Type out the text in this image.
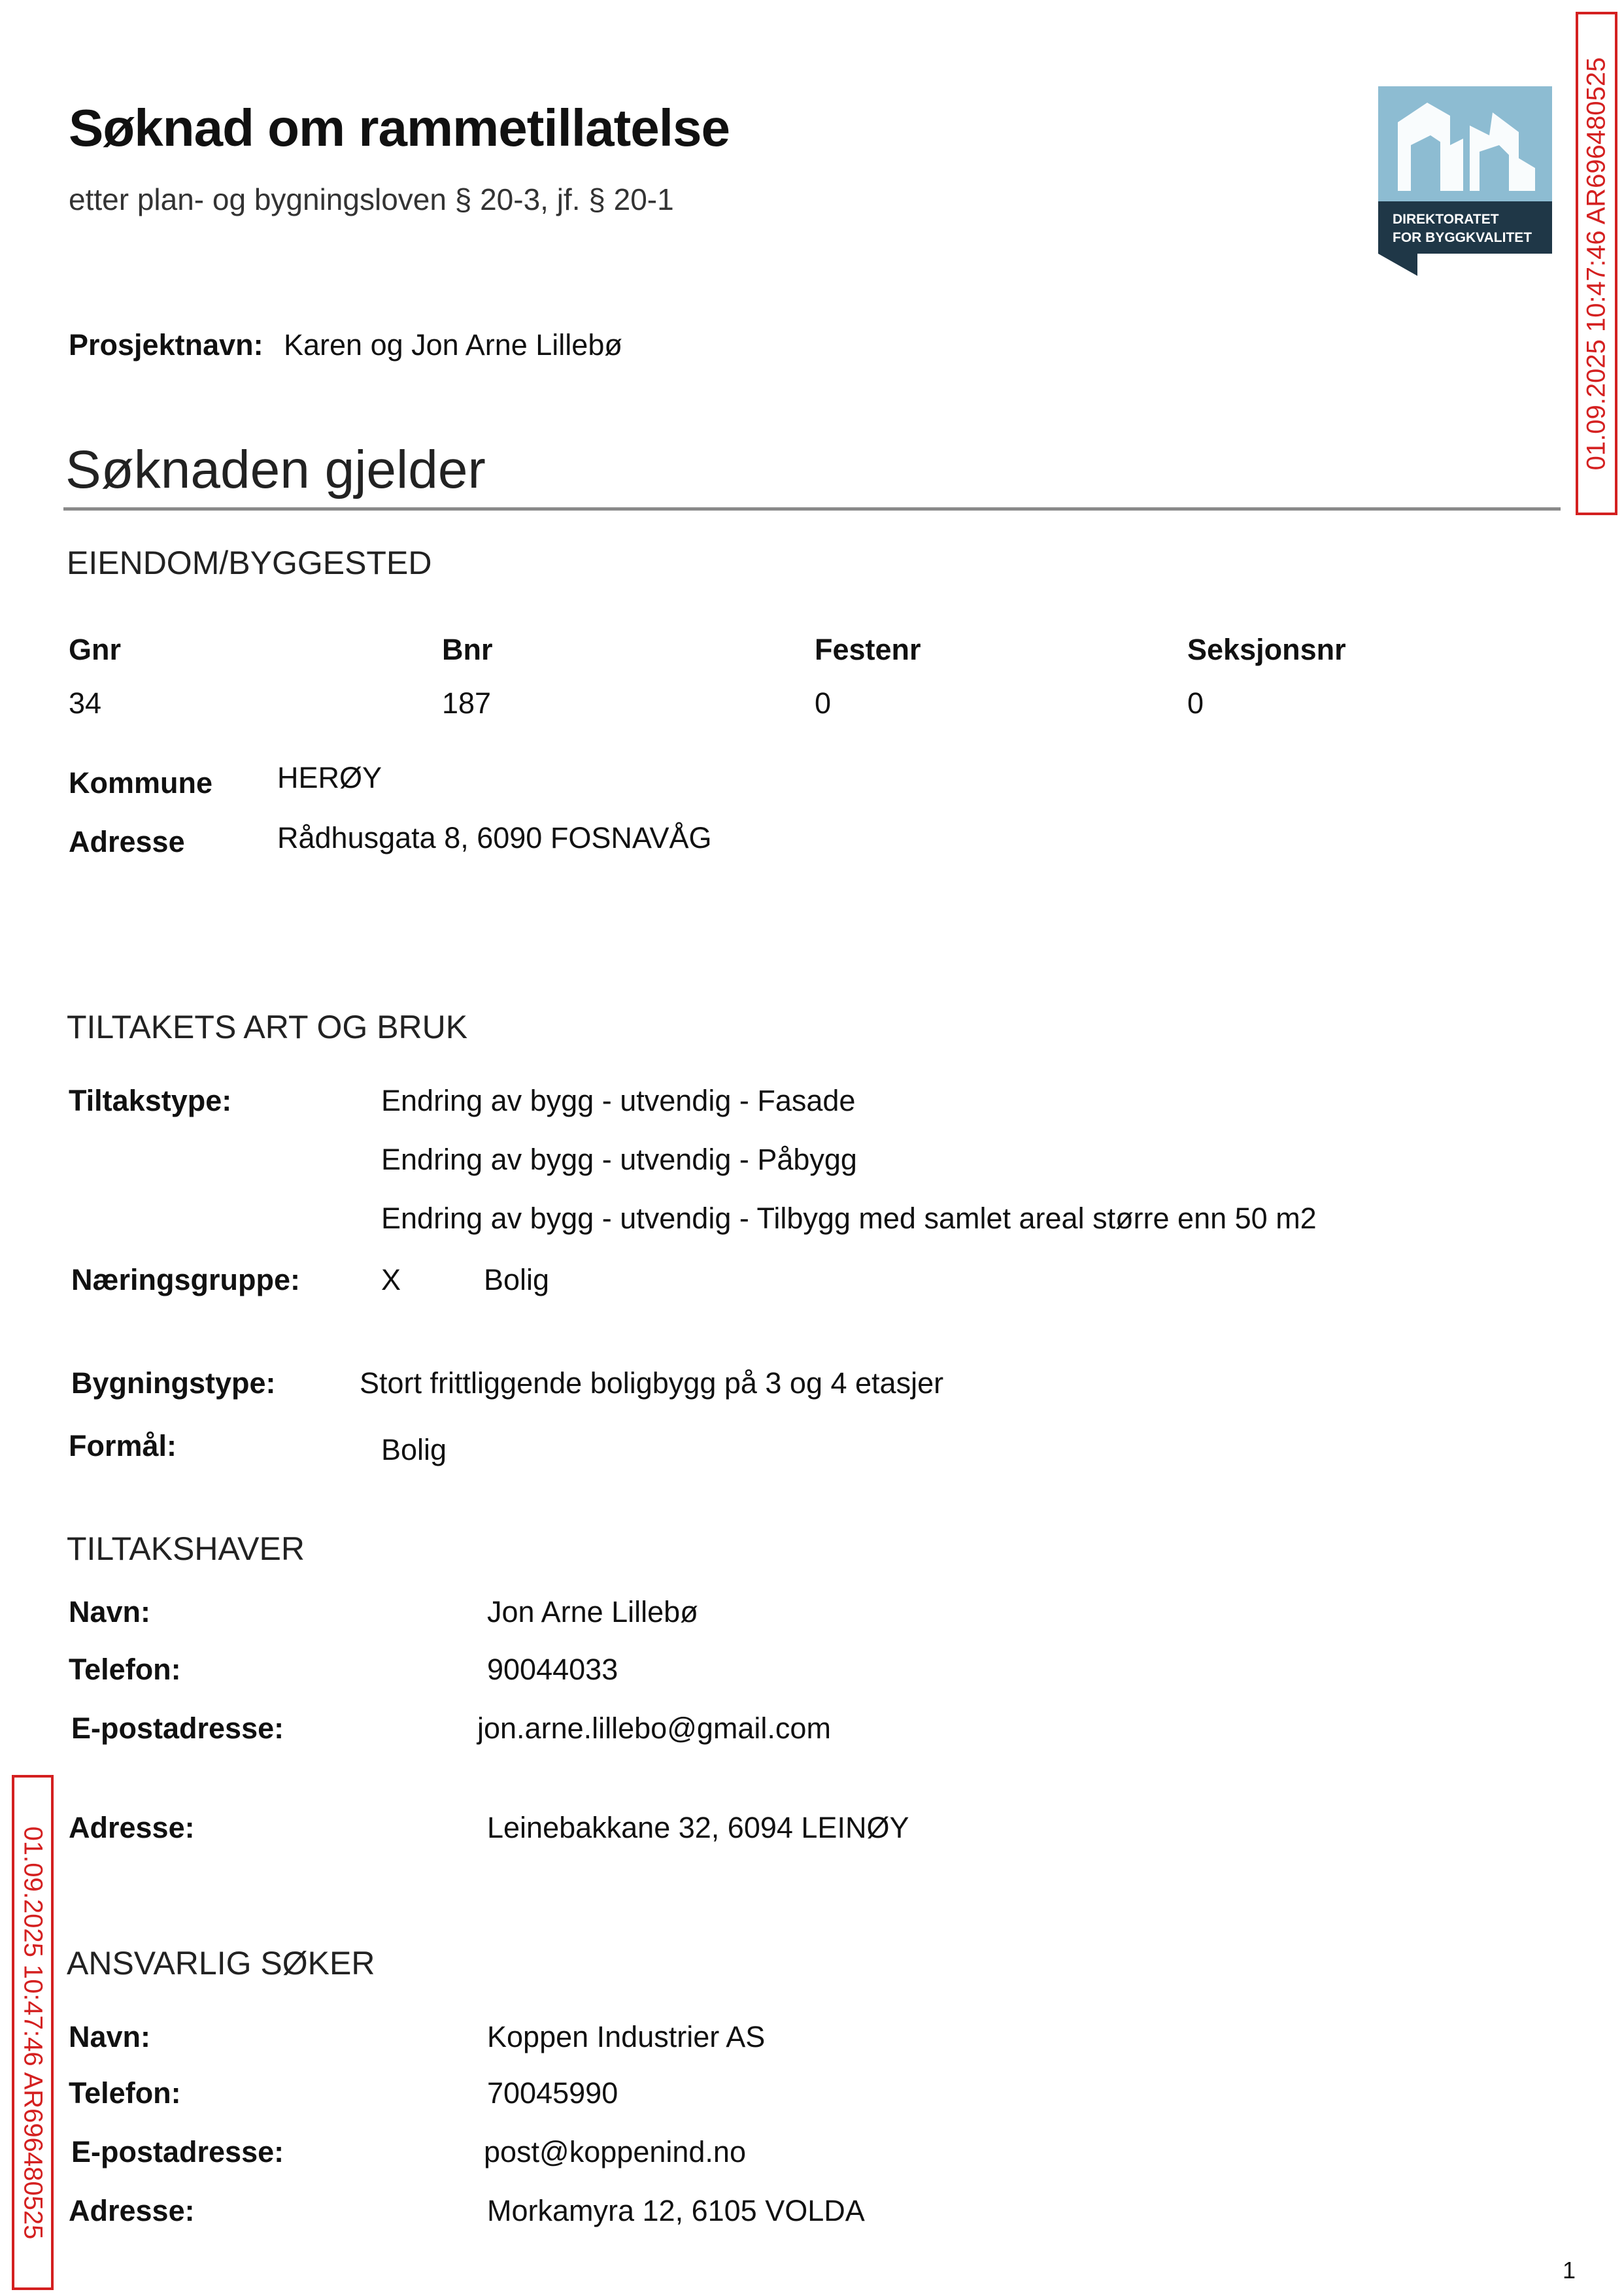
Søknad om rammetillatelse
etter plan- og bygningsloven § 20-3, jf. § 20-1
DIREKTORATET
FOR BYGGKVALITET 01.09.2025 10:47:46 AR696480525
01.09.2025 10:47:46 AR696480525
Prosjektnavn: Karen og Jon Arne Lillebø
Søknaden gjelder
EIENDOM/BYGGESTED
Gnr	Bnr	Festenr	Seksjonsnr
34	187	0	0
Kommune HERØY
Adresse	Rådhusgata 8, 6090 FOSNAVÅG
TILTAKETS ART OG BRUK
Tiltakstype:	Endring av bygg - utvendig - Fasade
Endring av bygg - utvendig - Påbygg
Endring av bygg - utvendig - Tilbygg med samlet areal større enn 50 m2
Næringsgruppe:	X	Bolig
Bygningstype:	Stort frittliggende boligbygg på 3 og 4 etasjer
Formål:	Bolig
TILTAKSHAVER
Navn:	Jon Arne Lillebø
Telefon:	90044033
E-postadresse:	jon.arne.lillebo@gmail.com
Adresse:	Leinebakkane 32, 6094 LEINØY
ANSVARLIG SØKER
Navn:	Koppen Industrier AS
Telefon:	70045990
E-postadresse:	post@koppenind.no
Adresse:	Morkamyra 12, 6105 VOLDA
1
